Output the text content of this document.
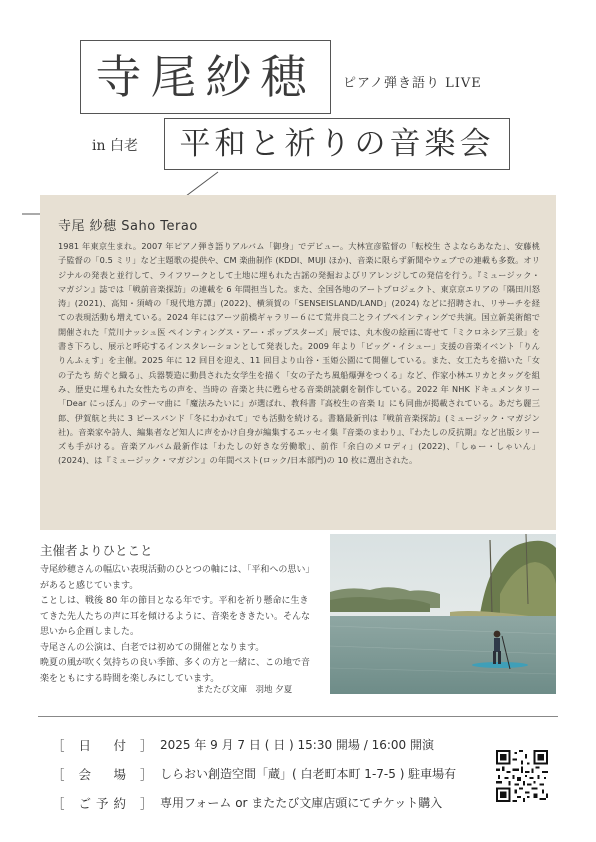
寺尾紗穂	ピアノ弾き語り LIVE
in 白老	平和と祈りの音楽会
寺尾 紗穂 Saho Terao
1981 年東京生まれ。2007 年ピアノ弾き語りアルバム「御身」でデビュー。大林宣彦監督の「転校生 さよならあなた」、安藤桃子監督の「0.5 ミリ」など主題歌の提供や、CM 楽曲制作 (KDDI、MUJI ほか)、音楽に限らず新聞やウェブでの連載も多数。オリジナルの発表と並行して、ライフワークとして土地に埋もれた古謡の発掘およびリアレンジしての発信を行う。『ミュージック・マガジン』誌では「戦前音楽探訪」の連載を 6 年間担当した。また、全国各地のアートプロジェクト、東京京エリアの「隅田川怒涛」(2021)、高知・須崎の「現代地方譚」(2022)、横須賀の「SENSEISLAND/LAND」(2024) などに招聘され、リサーチを経ての表現活動も増えている。2024 年にはアーツ前橋ギャラリー６にて荒井良二とライブペインティングで共演。国立新美術館で開催された「荒川ナッシュ医 ペインティングス・アー・ポップスターズ」展では、丸木俊の絵画に寄せて「ミクロネシア三景」を書き下ろし、展示と呼応するインスタレーションとして発表した。2009 年より「ビッグ・イシュー」支援の音楽イベント「りんりんふぇす」を主催。2025 年に 12 回目を迎え、11 回目より山谷・玉姫公園にて開催している。また、女工たちを描いた「女の子たち 紡ぐと織る」、兵器製造に動員された女学生を描く「女の子たち風船爆弾をつくる」など、作家小林エリカとタッグを組み、歴史に埋もれた女性たちの声を、当時の 音楽と共に甦らせる音楽朗読劇を制作している。2022 年 NHK ドキュメンタリー「Dear にっぽん」のテーマ曲に「魔法みたいに」が選ばれ、教科書『高校生の音楽 I』にも同曲が掲載されている。あだち麗三郎、伊賀航と共に 3 ピースバンド「冬にわかれて」でも活動を続ける。書籍最新刊は『戦前音楽探訪』(ミュージック・マガジン社)。音楽家や詩人、編集者など知人に声をかけ自身が編集するエッセイ集『音楽のまわり』、『わたしの反抗期』など出版シリーズも手がける。音楽アルバム最新作は「わたしの好きな労働歌」、前作「余白のメロディ」(2022)、「しゅー・しゃいん」(2024)、は『ミュージック・マガジン』の年間ベスト(ロック/日本部門)の 10 枚に選出された。
主催者よりひとこと
寺尾紗穂さんの幅広い表現活動のひとつの軸には、「平和への思い」があると感じています。
ことしは、戦後 80 年の節目となる年です。平和を祈り懸命に生きてきた先人たちの声に耳を傾けるように、音楽をききたい。そんな思いから企画しました。
寺尾さんの公演は、白老では初めての開催となります。
晩夏の風が吹く気持ちの良い季節、多くの方と一緒に、この地で音楽をともにする時間を楽しみにしています。
またたび文庫　羽地 夕夏
［ 日　付 ］ 2025 年 9 月 7 日 ( 日 ) 15:30 開場 / 16:00 開演
［ 会　場 ］ しらおい創造空間「蔵」( 白老町本町 1-7-5 ) 駐車場有
［ ご予約 ］ 専用フォーム or またたび文庫店頭にてチケット購入
